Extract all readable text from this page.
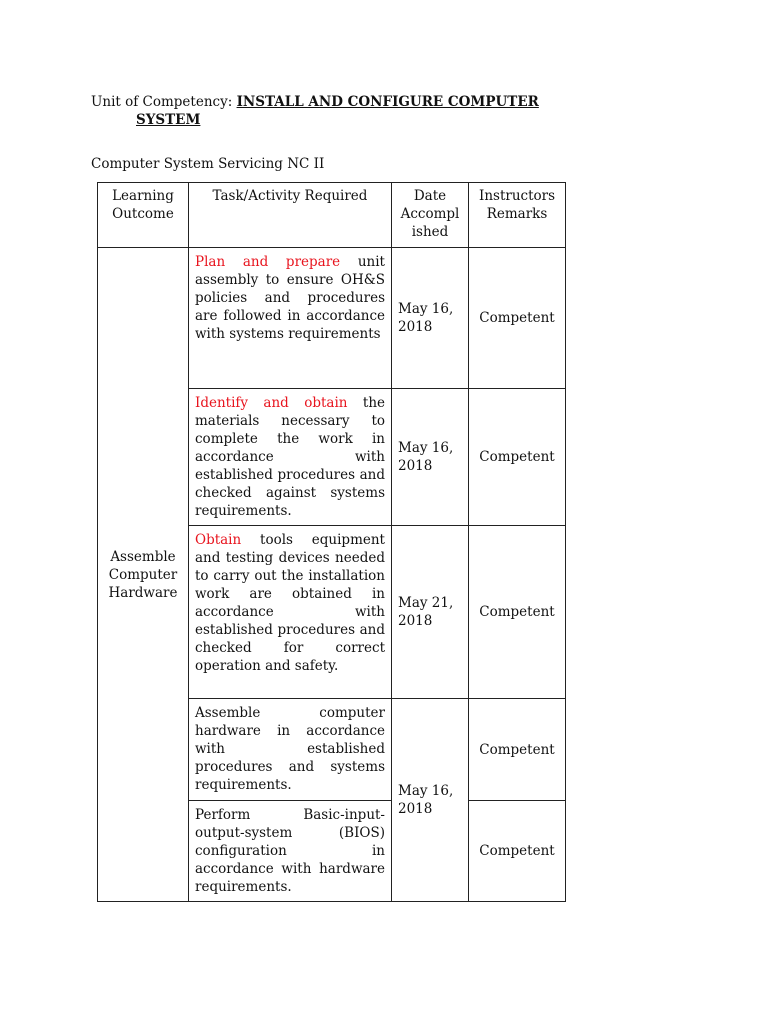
Unit of Competency: INSTALL AND CONFIGURE COMPUTER
SYSTEM
Computer System Servicing NC II
Learning Outcome	Task/Activity Required	Date Accompl ished	Instructors Remarks
Assemble Computer Hardware	Plan and prepare unit assembly to ensure OH&S policies and procedures are followed in accordance with systems requirements	May 16, 2018	Competent
	Identify and obtain the materials necessary to complete the work in accordance with established procedures and checked against systems requirements.	May 16, 2018	Competent
	Obtain tools equipment and testing devices needed to carry out the installation work are obtained in accordance with established procedures and checked for correct operation and safety.	May 21, 2018	Competent
	Assemble computer hardware in accordance with established procedures and systems requirements.	May 16, 2018	Competent
	Perform Basic-input-output-system (BIOS) configuration in accordance with hardware requirements.		Competent
